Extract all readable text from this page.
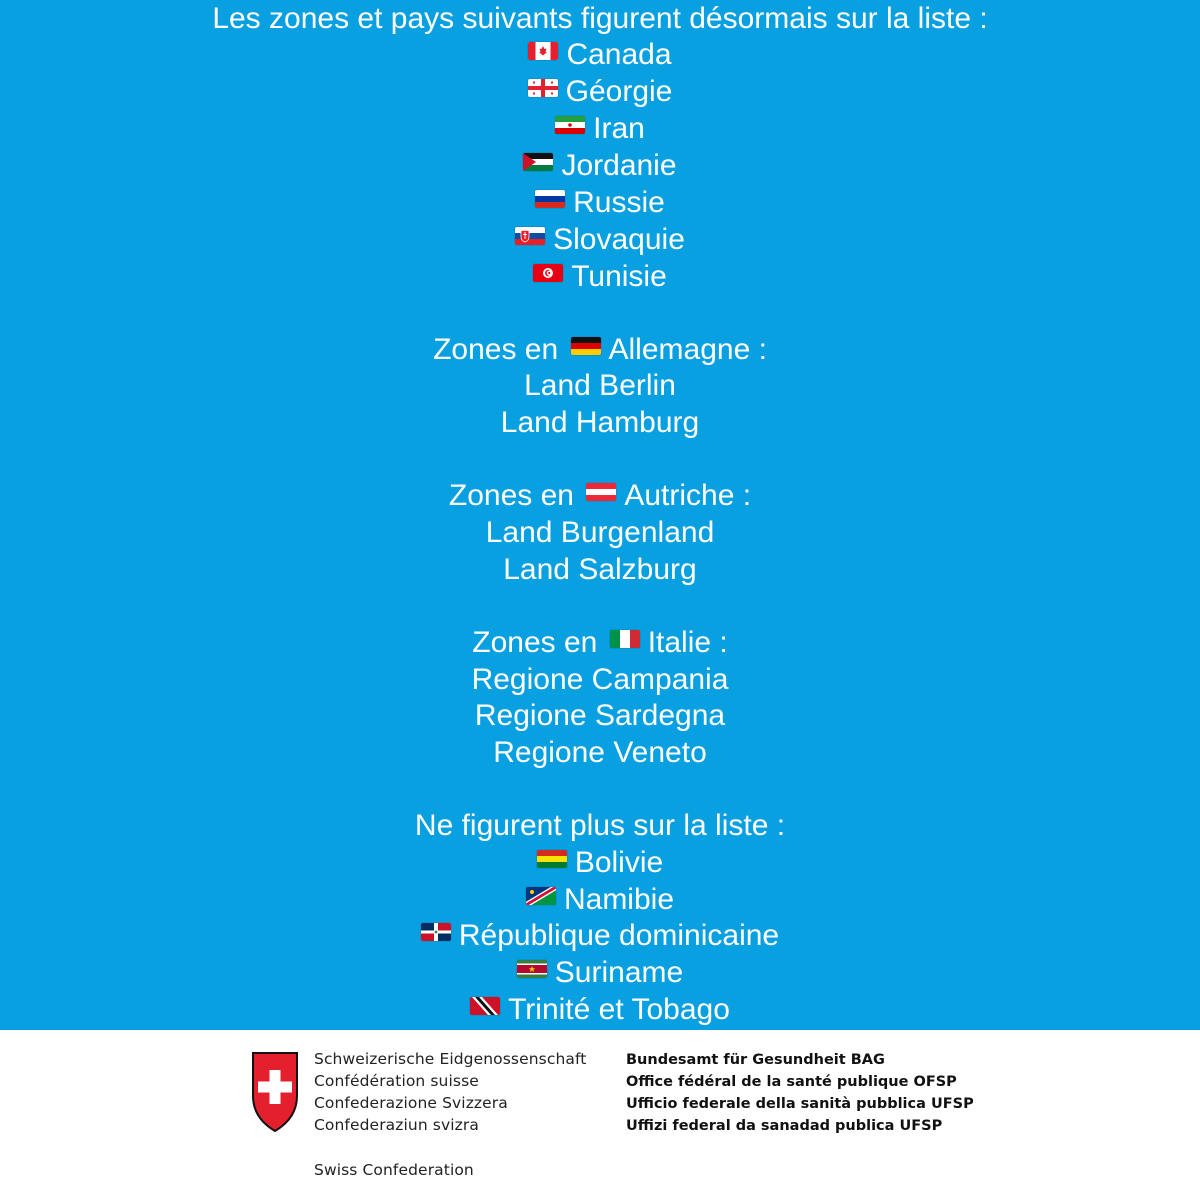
Les zones et pays suivants figurent désormais sur la liste :
Canada
Géorgie
Iran
Jordanie
Russie
Slovaquie
Tunisie
Zones en Allemagne :
Land Berlin
Land Hamburg
Zones en Autriche :
Land Burgenland
Land Salzburg
Zones en Italie :
Regione Campania
Regione Sardegna
Regione Veneto
Ne figurent plus sur la liste :
Bolivie
Namibie
République dominicaine
Suriname
Trinité et Tobago
Schweizerische Eidgenossenschaft
Confédération suisse
Confederazione Svizzera
Confederaziun svizra
Swiss Confederation
Bundesamt für Gesundheit BAG
Office fédéral de la santé publique OFSP
Ufficio federale della sanità pubblica UFSP
Uffizi federal da sanadad publica UFSP
